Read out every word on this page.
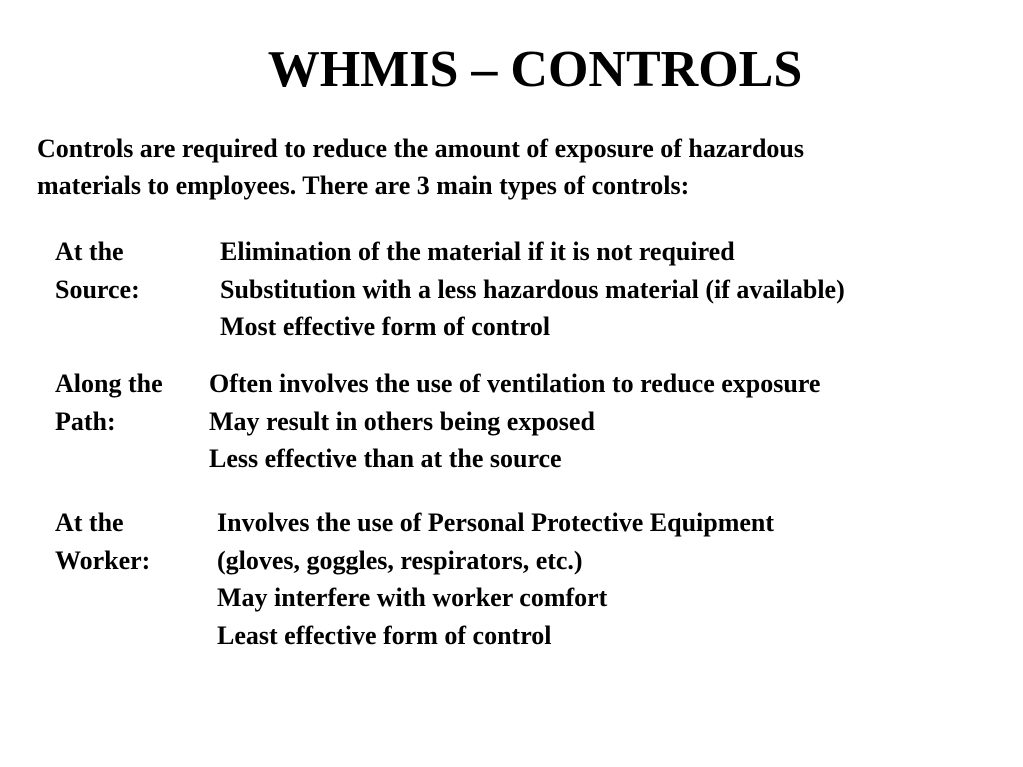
WHMIS – CONTROLS
Controls are required to reduce the amount of exposure of hazardous
materials to employees. There are 3 main types of controls:
At the
Source:
Elimination of the material if it is not required
Substitution with a less hazardous material (if available)
Most effective form of control
Along the
Path:
Often involves the use of ventilation to reduce exposure
May result in others being exposed
Less effective than at the source
At the
Worker:
Involves the use of Personal Protective Equipment
(gloves, goggles, respirators, etc.)
May interfere with worker comfort
Least effective form of control
